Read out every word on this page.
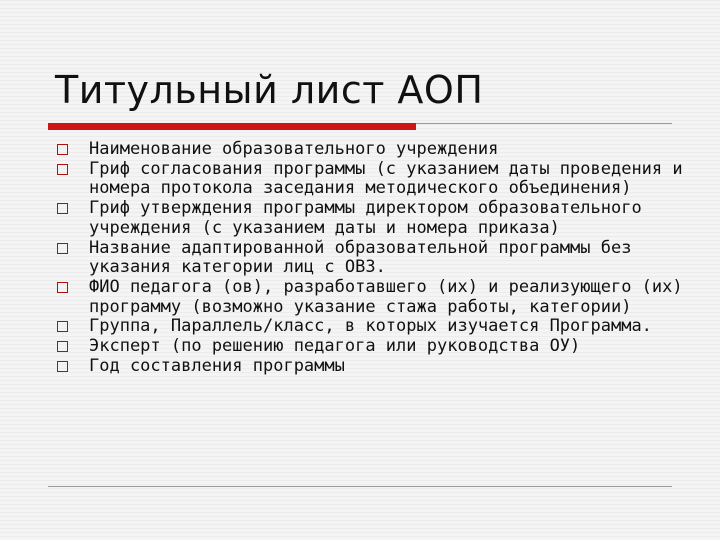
Титульный лист АОП
Наименование образовательного учреждения
Гриф согласования программы (с указанием даты проведения и номера протокола заседания методического объединения)
Гриф утверждения программы директором образовательного учреждения (с указанием даты и номера приказа)
Название адаптированной образовательной программы без указания категории лиц с ОВЗ.
ФИО педагога (ов), разработавшего (их) и реализующего (их) программу (возможно указание стажа работы, категории)
Группа, Параллель/класс, в которых изучается Программа.
Эксперт (по решению педагога или руководства ОУ)
Год составления программы
